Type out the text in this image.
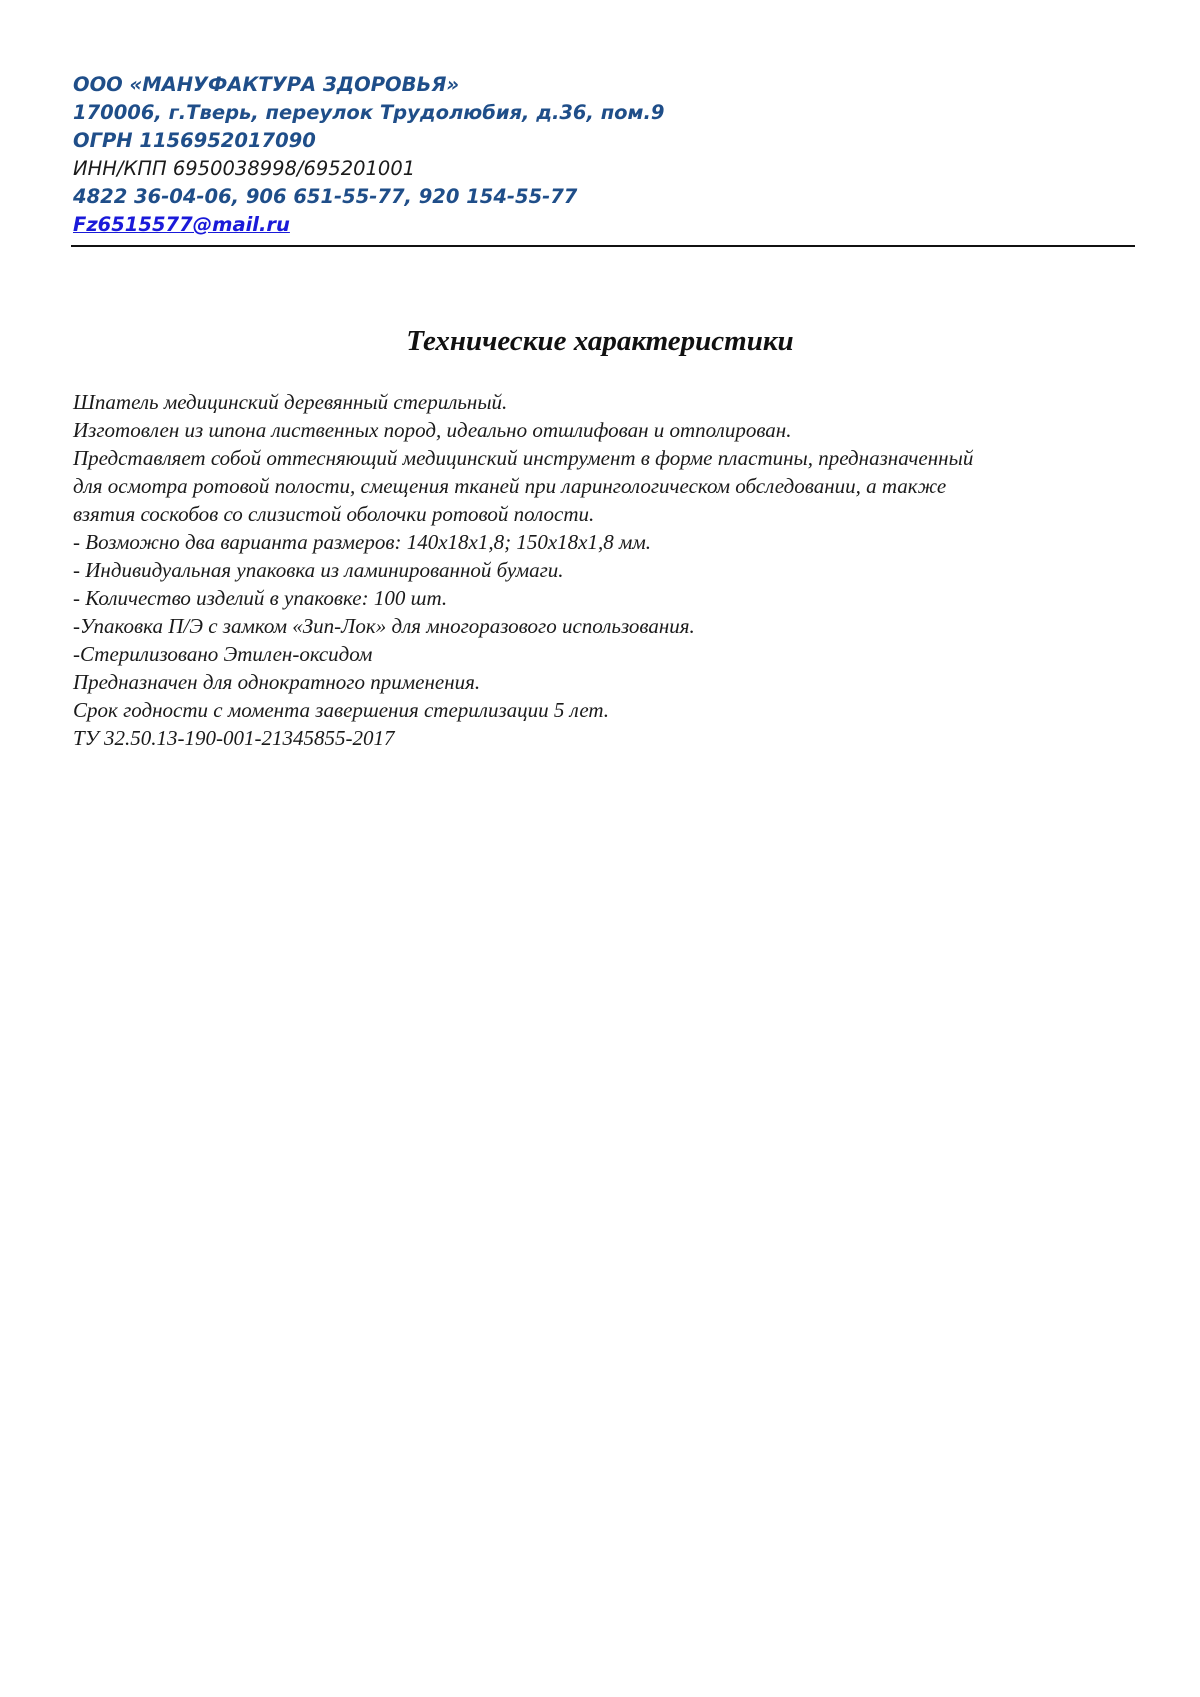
ООО «МАНУФАКТУРА ЗДОРОВЬЯ»
170006, г.Тверь, переулок Трудолюбия, д.36, пом.9
ОГРН 1156952017090
ИНН/КПП 6950038998/695201001
4822 36-04-06, 906 651-55-77, 920 154-55-77
Fz6515577@mail.ru
Технические характеристики
Шпатель медицинский деревянный стерильный.
Изготовлен из шпона лиственных пород, идеально отшлифован и отполирован.
Представляет собой оттесняющий медицинский инструмент в форме пластины, предназначенный
для осмотра ротовой полости, смещения тканей при ларингологическом обследовании, а также
взятия соскобов со слизистой оболочки ротовой полости.
- Возможно два варианта размеров: 140х18х1,8; 150х18х1,8 мм.
- Индивидуальная упаковка из ламинированной бумаги.
- Количество изделий в упаковке: 100 шт.
-Упаковка П/Э с замком «Зип-Лок» для многоразового использования.
-Стерилизовано Этилен-оксидом
Предназначен для однократного применения.
Срок годности с момента завершения стерилизации 5 лет.
ТУ 32.50.13-190-001-21345855-2017
